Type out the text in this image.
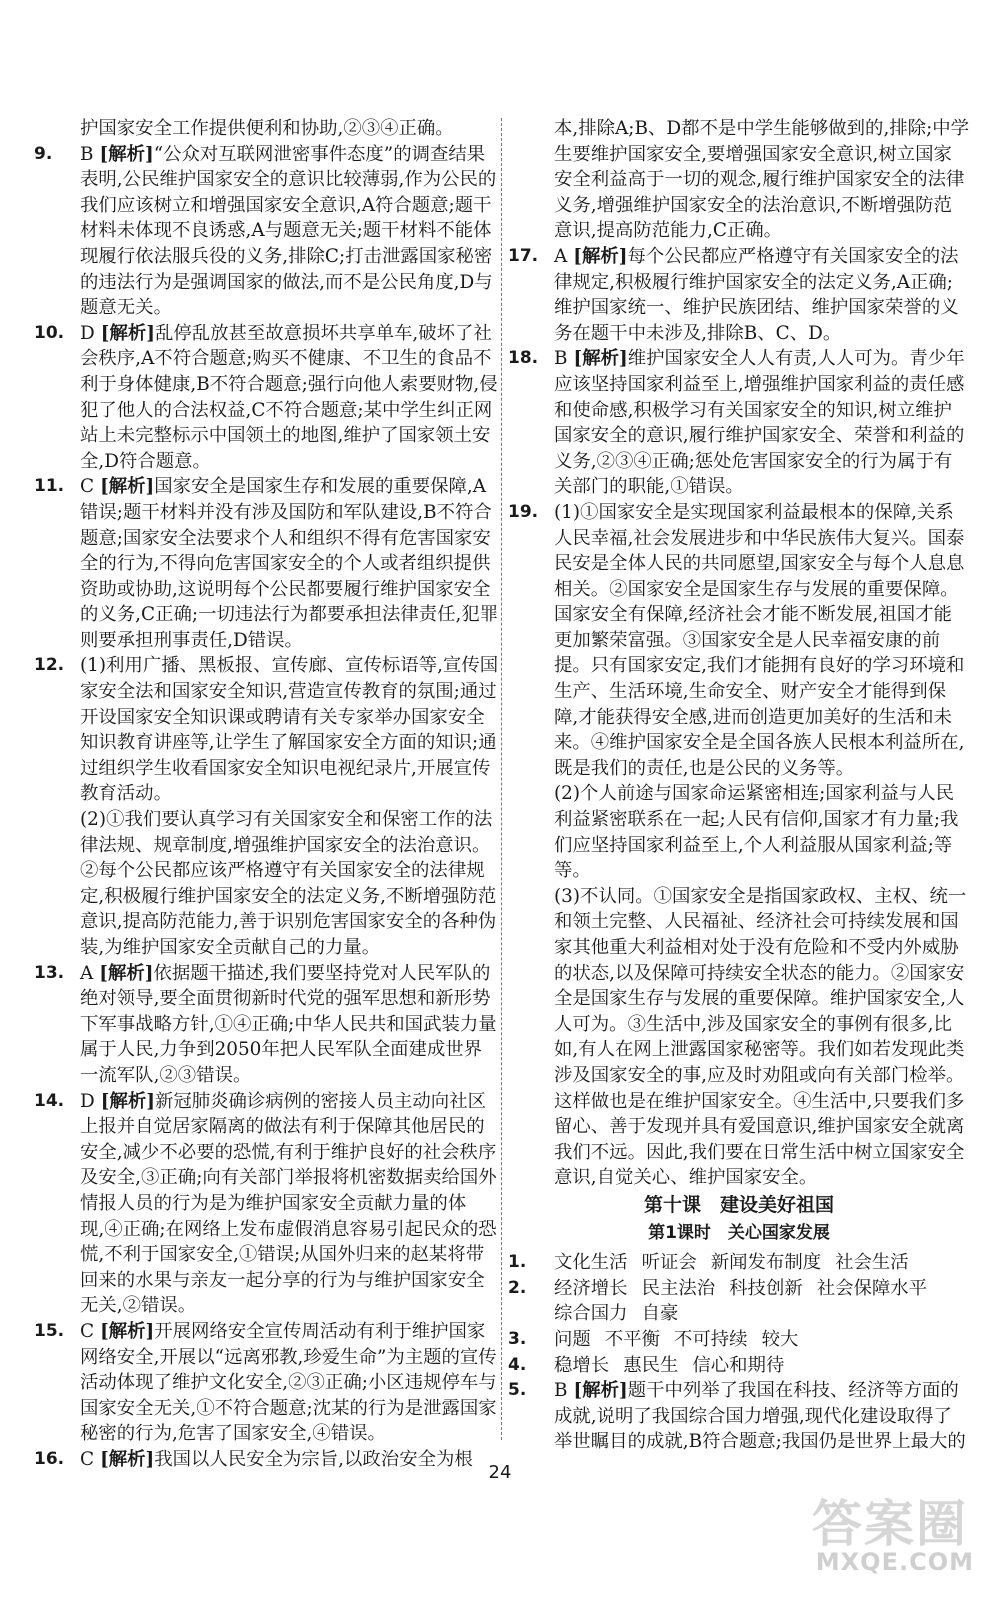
护国家安全工作提供便利和协助,②③④正确。
9. B [解析]“公众对互联网泄密事件态度”的调查结果表明,公民维护国家安全的意识比较薄弱,作为公民的我们应该树立和增强国家安全意识,A符合题意;题干材料未体现不良诱惑,A与题意无关;题干材料不能体现履行依法服兵役的义务,排除C;打击泄露国家秘密的违法行为是强调国家的做法,而不是公民角度,D与题意无关。
10. D [解析]乱停乱放甚至故意损坏共享单车,破坏了社会秩序,A不符合题意;购买不健康、不卫生的食品不利于身体健康,B不符合题意;强行向他人索要财物,侵犯了他人的合法权益,C不符合题意;某中学生纠正网站上未完整标示中国领土的地图,维护了国家领土安全,D符合题意。
11. C [解析]国家安全是国家生存和发展的重要保障,A错误;题干材料并没有涉及国防和军队建设,B不符合题意;国家安全法要求个人和组织不得有危害国家安全的行为,不得向危害国家安全的个人或者组织提供资助或协助,这说明每个公民都要履行维护国家安全的义务,C正确;一切违法行为都要承担法律责任,犯罪则要承担刑事责任,D错误。
12. (1)利用广播、黑板报、宣传廊、宣传标语等,宣传国家安全法和国家安全知识,营造宣传教育的氛围;通过开设国家安全知识课或聘请有关专家举办国家安全知识教育讲座等,让学生了解国家安全方面的知识;通过组织学生收看国家安全知识电视纪录片,开展宣传教育活动。
(2)①我们要认真学习有关国家安全和保密工作的法律法规、规章制度,增强维护国家安全的法治意识。②每个公民都应该严格遵守有关国家安全的法律规定,积极履行维护国家安全的法定义务,不断增强防范意识,提高防范能力,善于识别危害国家安全的各种伪装,为维护国家安全贡献自己的力量。
13. A [解析]依据题干描述,我们要坚持党对人民军队的绝对领导,要全面贯彻新时代党的强军思想和新形势下军事战略方针,①④正确;中华人民共和国武装力量属于人民,力争到2050年把人民军队全面建成世界一流军队,②③错误。
14. D [解析]新冠肺炎确诊病例的密接人员主动向社区上报并自觉居家隔离的做法有利于保障其他居民的安全,减少不必要的恐慌,有利于维护良好的社会秩序及安全,③正确;向有关部门举报将机密数据卖给国外情报人员的行为是为维护国家安全贡献力量的体现,④正确;在网络上发布虚假消息容易引起民众的恐慌,不利于国家安全,①错误;从国外归来的赵某将带回来的水果与亲友一起分享的行为与维护国家安全无关,②错误。
15. C [解析]开展网络安全宣传周活动有利于维护国家网络安全,开展以“远离邪教,珍爱生命”为主题的宣传活动体现了维护文化安全,②③正确;小区违规停车与国家安全无关,①不符合题意;沈某的行为是泄露国家秘密的行为,危害了国家安全,④错误。
16. C [解析]我国以人民安全为宗旨,以政治安全为根
本,排除A;B、D都不是中学生能够做到的,排除;中学生要维护国家安全,要增强国家安全意识,树立国家安全利益高于一切的观念,履行维护国家安全的法律义务,增强维护国家安全的法治意识,不断增强防范意识,提高防范能力,C正确。
17. A [解析]每个公民都应严格遵守有关国家安全的法律规定,积极履行维护国家安全的法定义务,A正确;维护国家统一、维护民族团结、维护国家荣誉的义务在题干中未涉及,排除B、C、D。
18. B [解析]维护国家安全人人有责,人人可为。青少年应该坚持国家利益至上,增强维护国家利益的责任感和使命感,积极学习有关国家安全的知识,树立维护国家安全的意识,履行维护国家安全、荣誉和利益的义务,②③④正确;惩处危害国家安全的行为属于有关部门的职能,①错误。
19. (1)①国家安全是实现国家利益最根本的保障,关系人民幸福,社会发展进步和中华民族伟大复兴。国泰民安是全体人民的共同愿望,国家安全与每个人息息相关。②国家安全是国家生存与发展的重要保障。国家安全有保障,经济社会才能不断发展,祖国才能更加繁荣富强。③国家安全是人民幸福安康的前提。只有国家安定,我们才能拥有良好的学习环境和生产、生活环境,生命安全、财产安全才能得到保障,才能获得安全感,进而创造更加美好的生活和未来。④维护国家安全是全国各族人民根本利益所在,既是我们的责任,也是公民的义务等。
(2)个人前途与国家命运紧密相连;国家利益与人民利益紧密联系在一起;人民有信仰,国家才有力量;我们应坚持国家利益至上,个人利益服从国家利益;等等。
(3)不认同。①国家安全是指国家政权、主权、统一和领土完整、人民福祉、经济社会可持续发展和国家其他重大利益相对处于没有危险和不受内外威胁的状态,以及保障可持续安全状态的能力。②国家安全是国家生存与发展的重要保障。维护国家安全,人人可为。③生活中,涉及国家安全的事例有很多,比如,有人在网上泄露国家秘密等。我们如若发现此类涉及国家安全的事,应及时劝阻或向有关部门检举。这样做也是在维护国家安全。④生活中,只要我们多留心、善于发现并具有爱国意识,维护国家安全就离我们不远。因此,我们要在日常生活中树立国家安全意识,自觉关心、维护国家安全。
第十课　建设美好祖国
第1课时　关心国家发展
1. 文化生活 听证会 新闻发布制度 社会生活
2. 经济增长 民主法治 科技创新 社会保障水平
综合国力 自豪
3. 问题 不平衡 不可持续 较大
4. 稳增长 惠民生 信心和期待
5. B [解析]题干中列举了我国在科技、经济等方面的成就,说明了我国综合国力增强,现代化建设取得了举世瞩目的成就,B符合题意;我国仍是世界上最大的
24
答案圈
MXQE.COM
